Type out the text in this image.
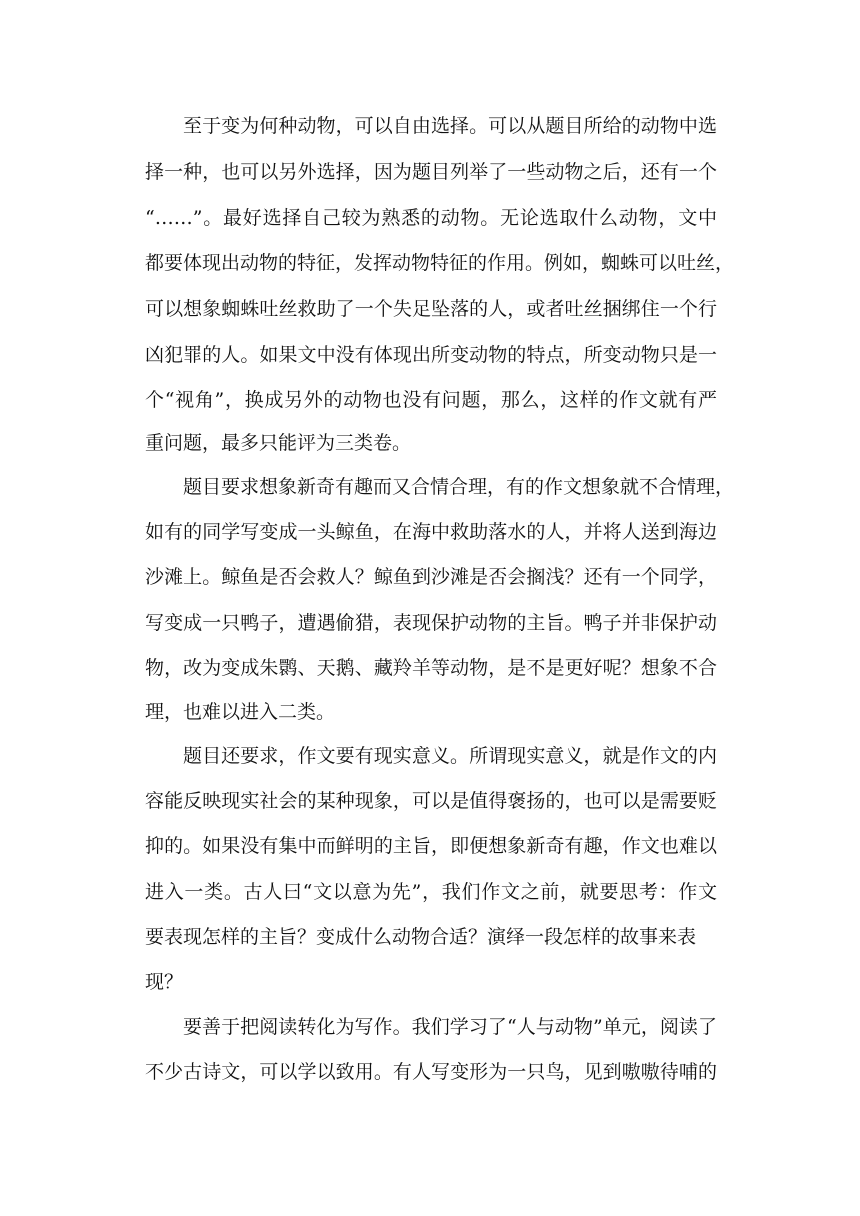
至于变为何种动物，可以自由选择。可以从题目所给的动物中选
择一种，也可以另外选择，因为题目列举了一些动物之后，还有一个
“……”。最好选择自己较为熟悉的动物。无论选取什么动物，文中
都要体现出动物的特征，发挥动物特征的作用。例如，蜘蛛可以吐丝，
可以想象蜘蛛吐丝救助了一个失足坠落的人，或者吐丝捆绑住一个行
凶犯罪的人。如果文中没有体现出所变动物的特点，所变动物只是一
个“视角”，换成另外的动物也没有问题，那么，这样的作文就有严
重问题，最多只能评为三类卷。
题目要求想象新奇有趣而又合情合理，有的作文想象就不合情理，
如有的同学写变成一头鲸鱼，在海中救助落水的人，并将人送到海边
沙滩上。鲸鱼是否会救人？鲸鱼到沙滩是否会搁浅？还有一个同学，
写变成一只鸭子，遭遇偷猎，表现保护动物的主旨。鸭子并非保护动
物，改为变成朱鹮、天鹅、藏羚羊等动物，是不是更好呢？想象不合
理，也难以进入二类。
题目还要求，作文要有现实意义。所谓现实意义，就是作文的内
容能反映现实社会的某种现象，可以是值得褒扬的，也可以是需要贬
抑的。如果没有集中而鲜明的主旨，即便想象新奇有趣，作文也难以
进入一类。古人曰“文以意为先”，我们作文之前，就要思考：作文
要表现怎样的主旨？变成什么动物合适？演绎一段怎样的故事来表
现？
要善于把阅读转化为写作。我们学习了“人与动物”单元，阅读了
不少古诗文，可以学以致用。有人写变形为一只鸟，见到嗷嗷待哺的
